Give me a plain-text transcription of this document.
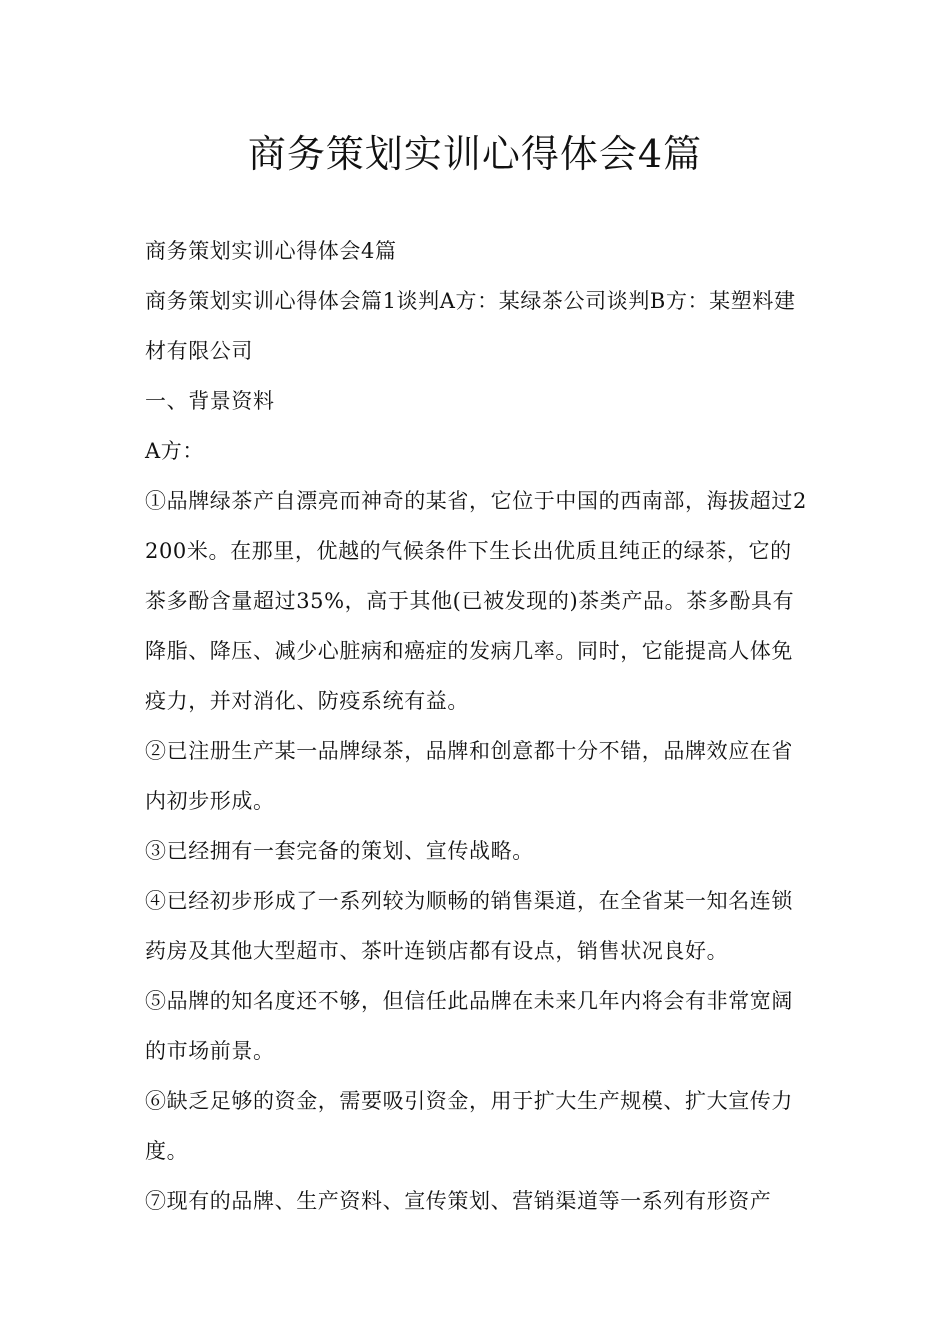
商务策划实训心得体会4篇

商务策划实训心得体会4篇

商务策划实训心得体会篇1谈判A方：某绿茶公司谈判B方：某塑料建材有限公司

一、背景资料

A方：

①品牌绿茶产自漂亮而神奇的某省，它位于中国的西南部，海拔超过2200米。在那里，优越的气候条件下生长出优质且纯正的绿茶，它的茶多酚含量超过35%，高于其他(已被发现的)茶类产品。茶多酚具有降脂、降压、减少心脏病和癌症的发病几率。同时，它能提高人体免疫力，并对消化、防疫系统有益。

②已注册生产某一品牌绿茶，品牌和创意都十分不错，品牌效应在省内初步形成。

③已经拥有一套完备的策划、宣传战略。

④已经初步形成了一系列较为顺畅的销售渠道，在全省某一知名连锁药房及其他大型超市、茶叶连锁店都有设点，销售状况良好。

⑤品牌的知名度还不够，但信任此品牌在未来几年内将会有非常宽阔的市场前景。

⑥缺乏足够的资金，需要吸引资金，用于扩大生产规模、扩大宣传力度。

⑦现有的品牌、生产资料、宣传策划、营销渠道等一系列有形资产
